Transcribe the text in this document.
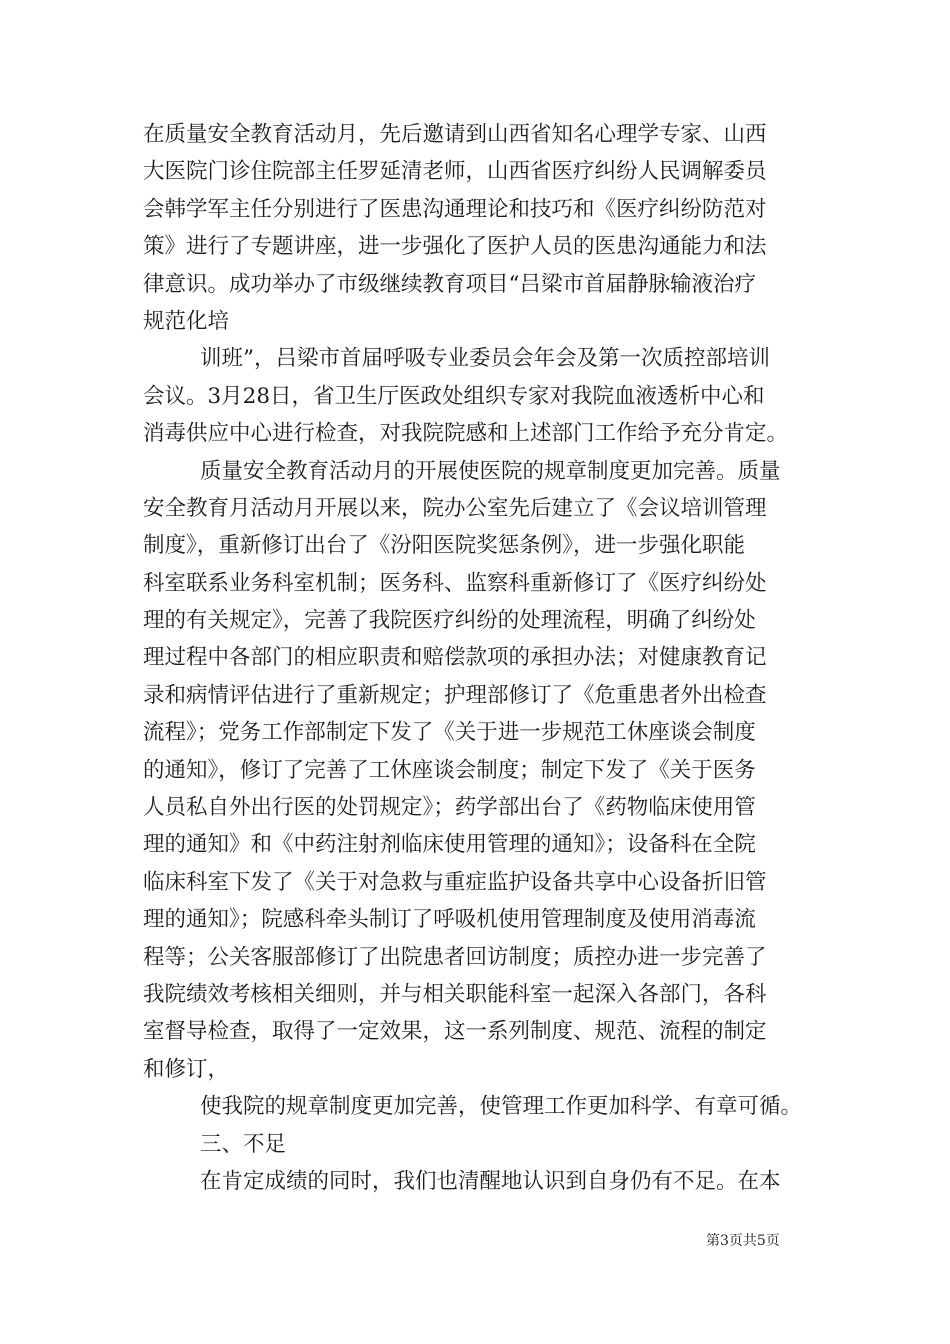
在质量安全教育活动月，先后邀请到山西省知名心理学专家、山西
大医院门诊住院部主任罗延清老师，山西省医疗纠纷人民调解委员
会韩学军主任分别进行了医患沟通理论和技巧和《医疗纠纷防范对
策》进行了专题讲座，进一步强化了医护人员的医患沟通能力和法
律意识。成功举办了市级继续教育项目“吕梁市首届静脉输液治疗
规范化培
训班”，吕梁市首届呼吸专业委员会年会及第一次质控部培训
会议。3月28日，省卫生厅医政处组织专家对我院血液透析中心和
消毒供应中心进行检查，对我院院感和上述部门工作给予充分肯定。
质量安全教育活动月的开展使医院的规章制度更加完善。质量
安全教育月活动月开展以来，院办公室先后建立了《会议培训管理
制度》，重新修订出台了《汾阳医院奖惩条例》，进一步强化职能
科室联系业务科室机制；医务科、监察科重新修订了《医疗纠纷处
理的有关规定》，完善了我院医疗纠纷的处理流程，明确了纠纷处
理过程中各部门的相应职责和赔偿款项的承担办法；对健康教育记
录和病情评估进行了重新规定；护理部修订了《危重患者外出检查
流程》；党务工作部制定下发了《关于进一步规范工休座谈会制度
的通知》，修订了完善了工休座谈会制度；制定下发了《关于医务
人员私自外出行医的处罚规定》；药学部出台了《药物临床使用管
理的通知》和《中药注射剂临床使用管理的通知》；设备科在全院
临床科室下发了《关于对急救与重症监护设备共享中心设备折旧管
理的通知》；院感科牵头制订了呼吸机使用管理制度及使用消毒流
程等；公关客服部修订了出院患者回访制度；质控办进一步完善了
我院绩效考核相关细则，并与相关职能科室一起深入各部门，各科
室督导检查，取得了一定效果，这一系列制度、规范、流程的制定
和修订，
使我院的规章制度更加完善，使管理工作更加科学、有章可循。
三、不足
在肯定成绩的同时，我们也清醒地认识到自身仍有不足。在本
第3页共5页
